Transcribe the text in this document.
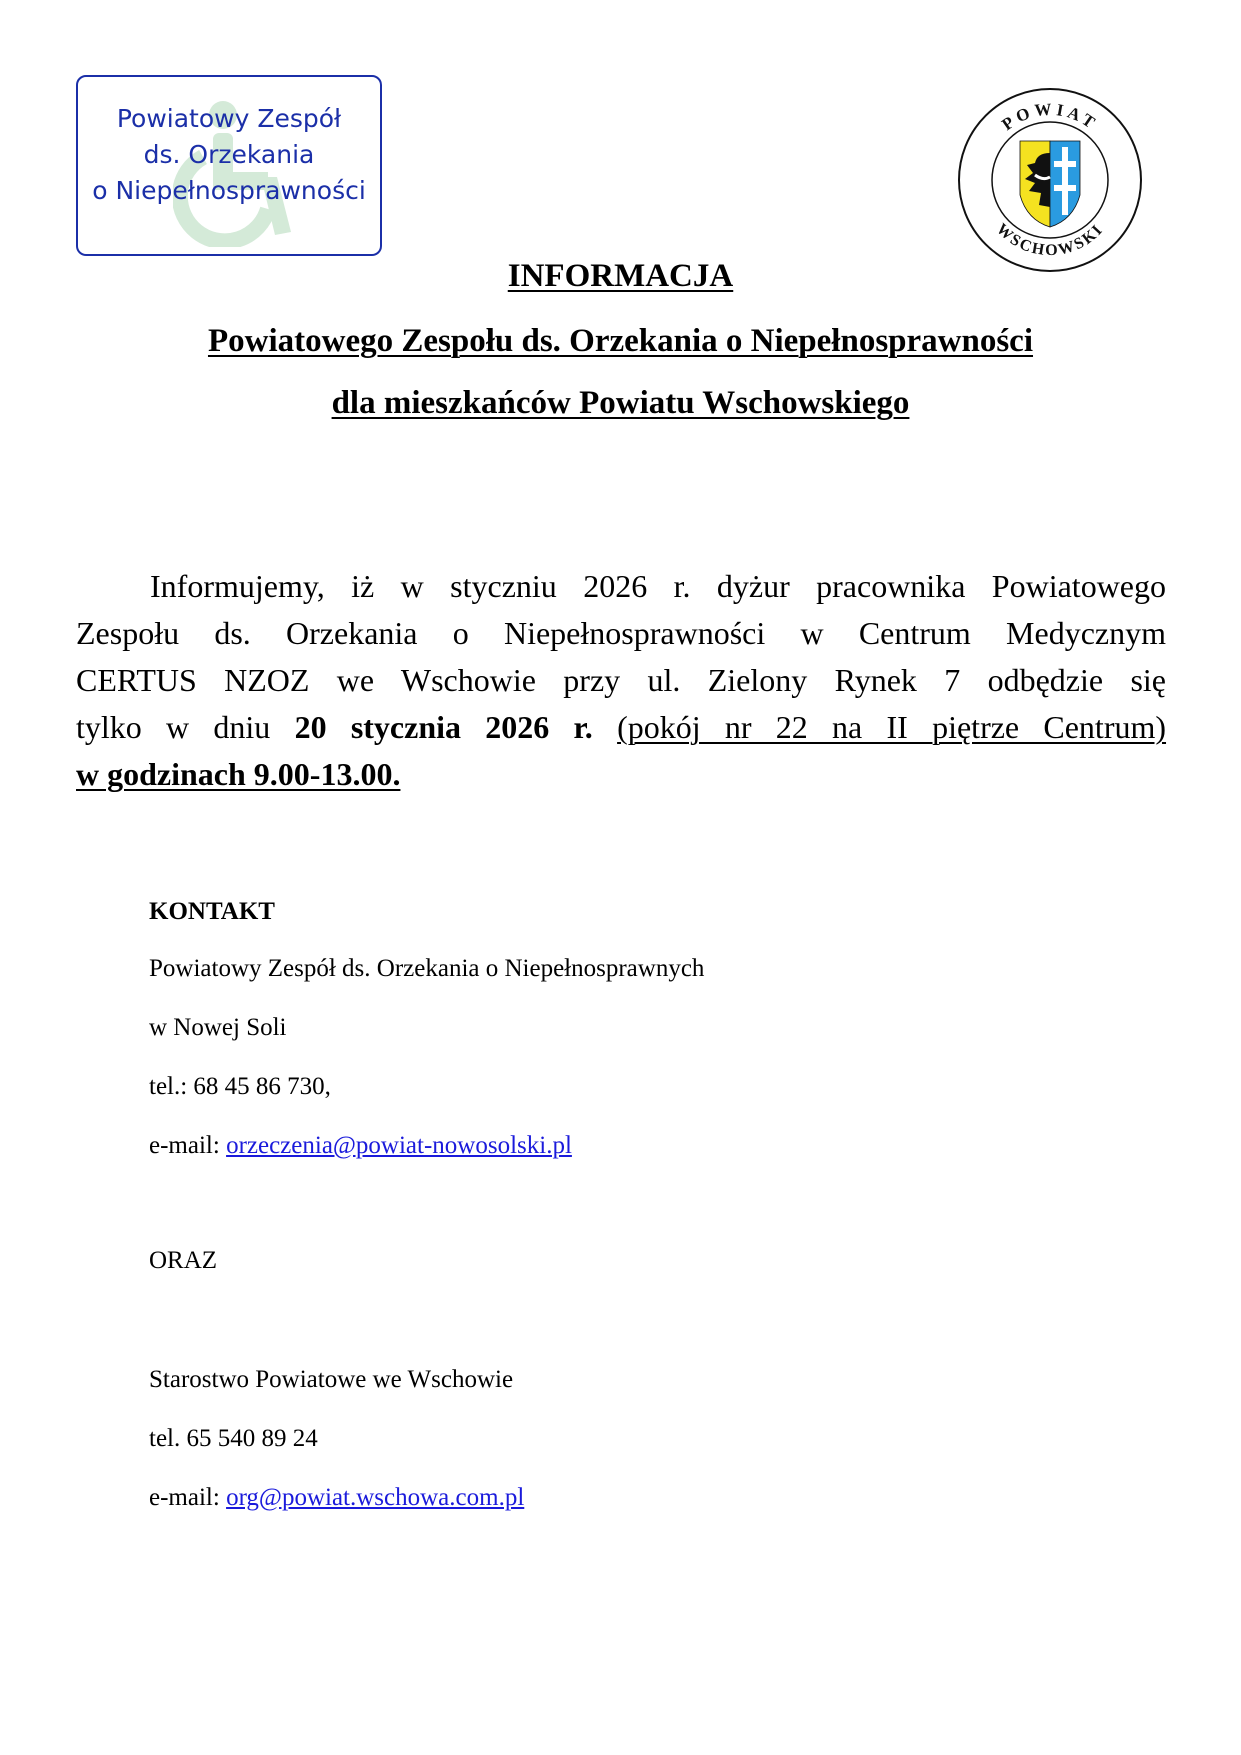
Powiatowy Zespół
ds. Orzekania
o Niepełnosprawności
POWIAT
WSCHOWSKI
INFORMACJA
Powiatowego Zespołu ds. Orzekania o Niepełnosprawności
dla mieszkańców Powiatu Wschowskiego
Informujemy, iż w styczniu 2026 r. dyżur pracownika Powiatowego
Zespołu ds. Orzekania o Niepełnosprawności w Centrum Medycznym
CERTUS NZOZ we Wschowie przy ul. Zielony Rynek 7 odbędzie się
tylko w dniu 20 stycznia 2026 r. (pokój nr 22 na II piętrze Centrum)
w godzinach 9.00-13.00.
KONTAKT
Powiatowy Zespół ds. Orzekania o Niepełnosprawnych
w Nowej Soli
tel.: 68 45 86 730,
e-mail: orzeczenia@powiat-nowosolski.pl
ORAZ
Starostwo Powiatowe we Wschowie
tel. 65 540 89 24
e-mail: org@powiat.wschowa.com.pl
